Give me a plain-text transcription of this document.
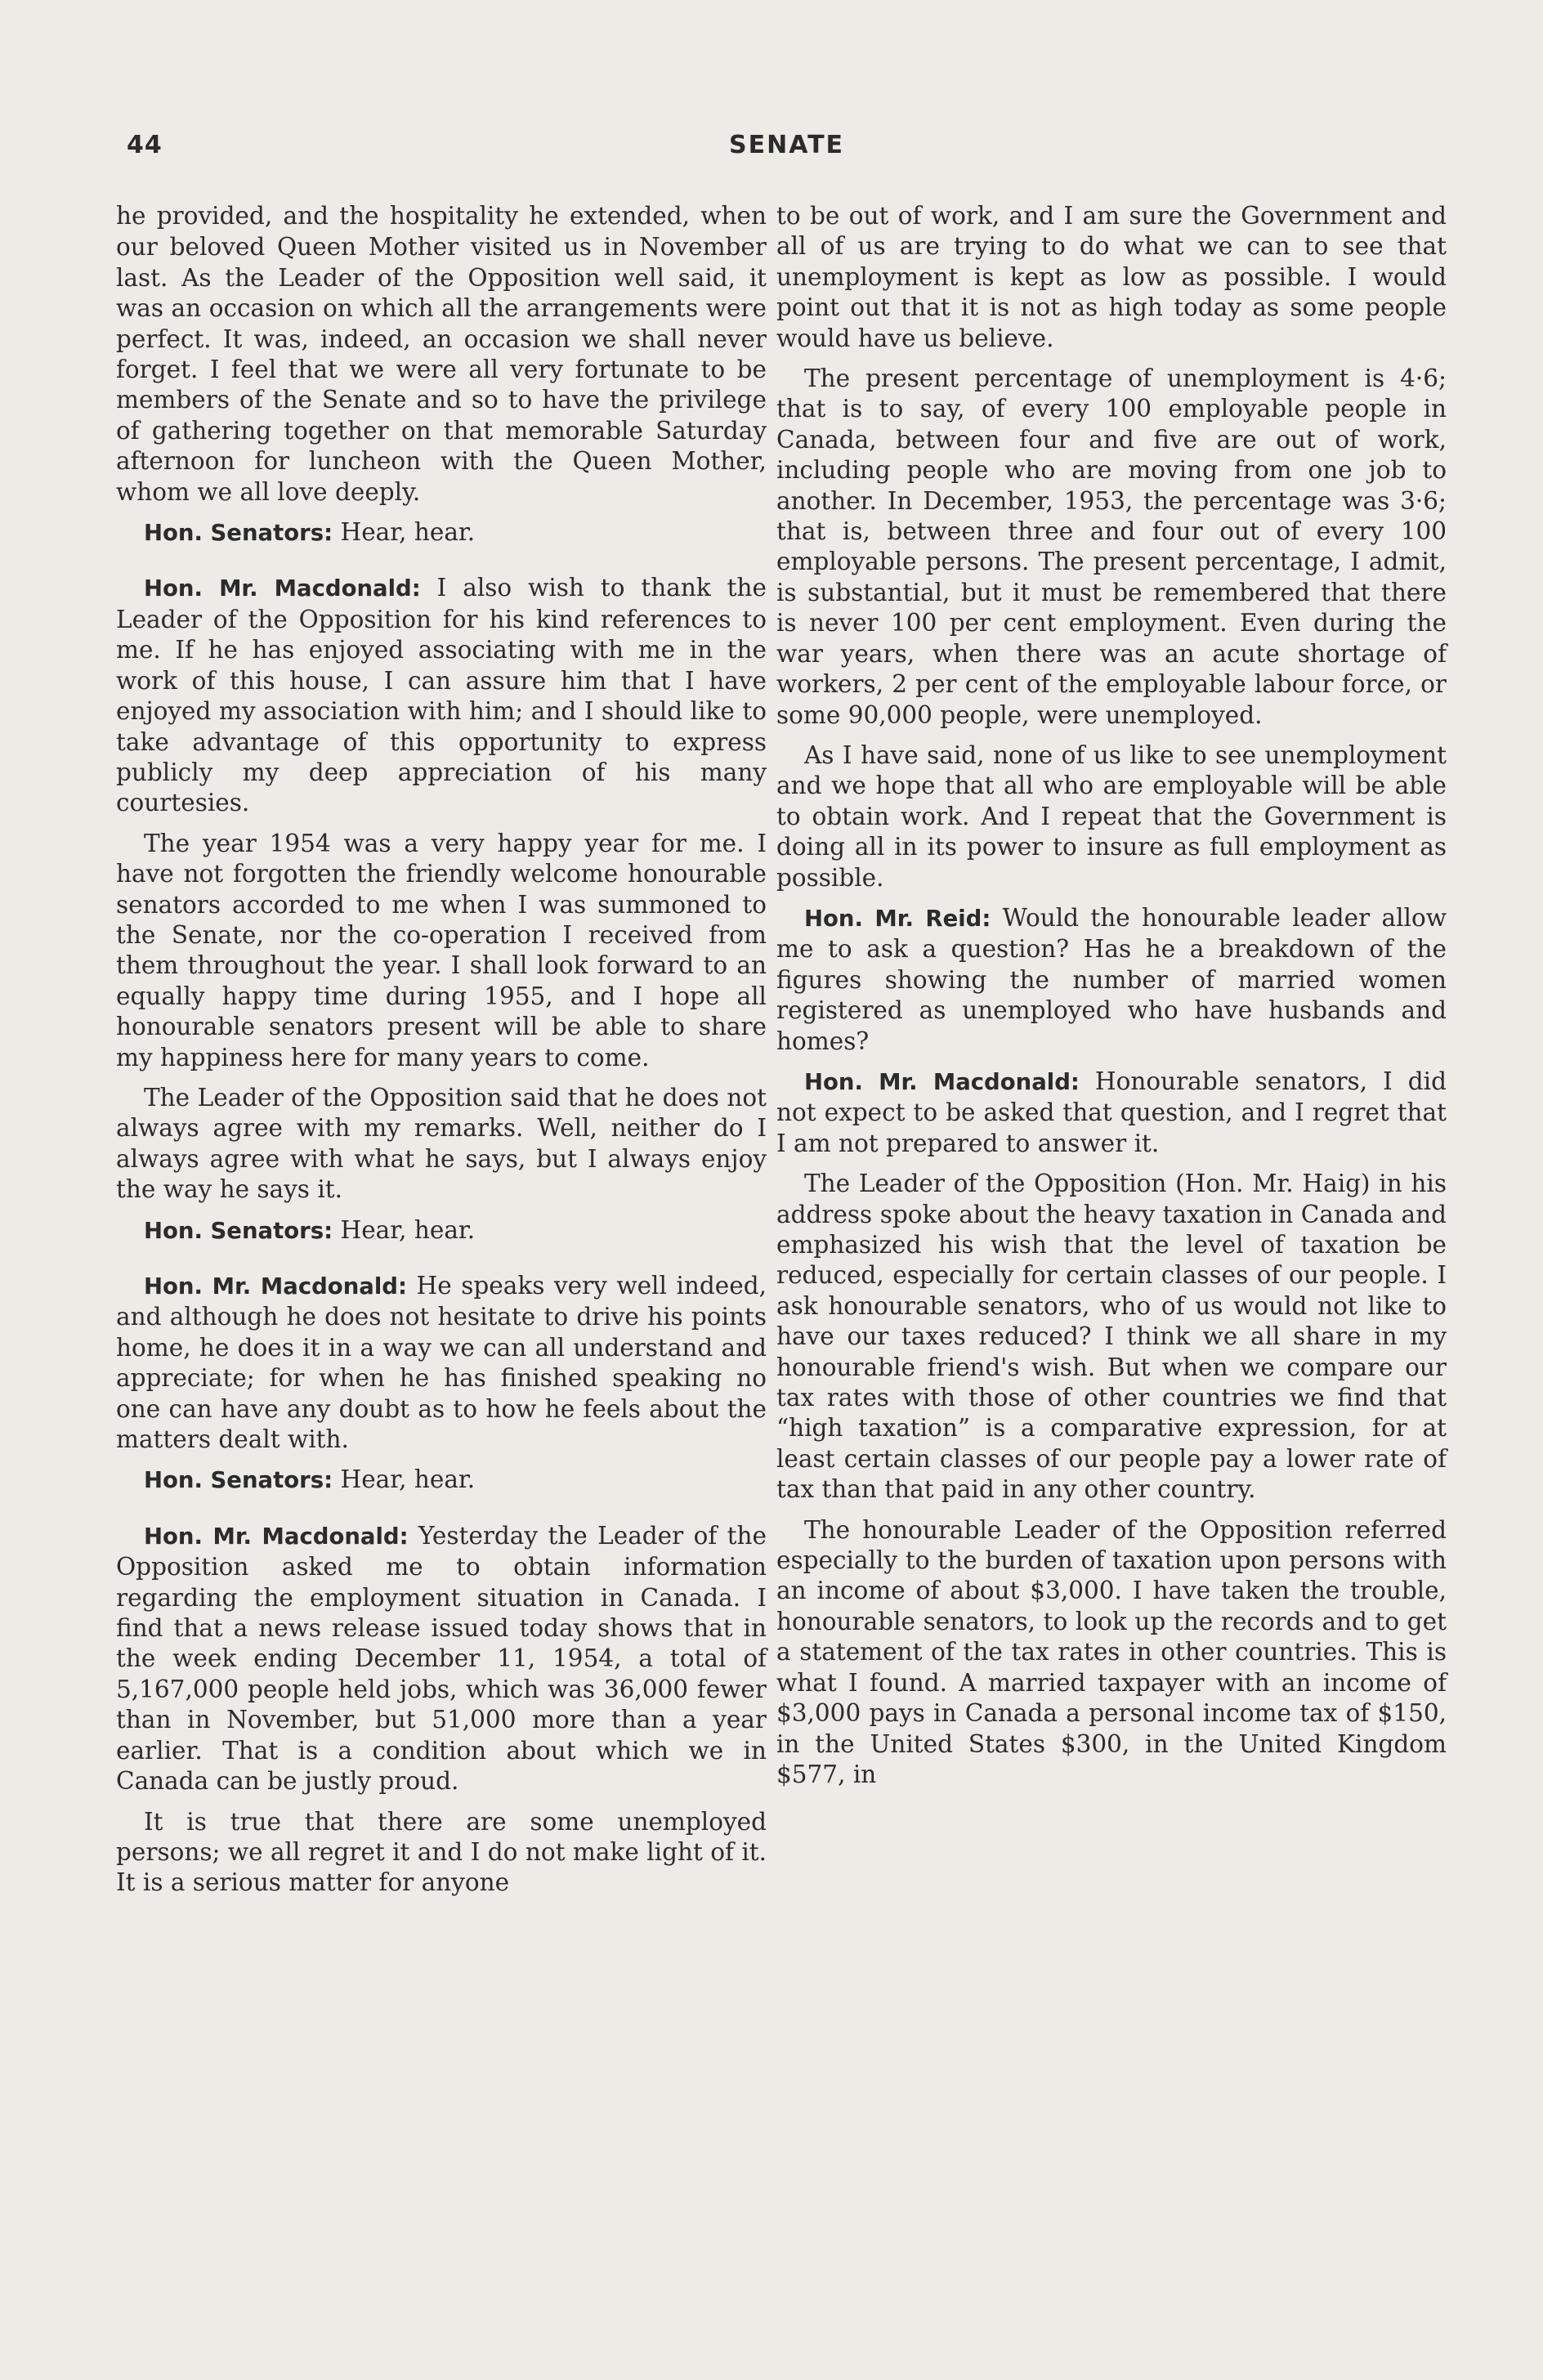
44	SENATE

he provided, and the hospitality he extended, when our beloved Queen Mother visited us in November last. As the Leader of the Opposition well said, it was an occasion on which all the arrangements were perfect. It was, indeed, an occasion we shall never forget. I feel that we were all very fortunate to be members of the Senate and so to have the privilege of gathering together on that memorable Saturday afternoon for luncheon with the Queen Mother, whom we all love deeply.

Hon. Senators: Hear, hear.

Hon. Mr. Macdonald: I also wish to thank the Leader of the Opposition for his kind references to me. If he has enjoyed associating with me in the work of this house, I can assure him that I have enjoyed my association with him; and I should like to take advantage of this opportunity to express publicly my deep appreciation of his many courtesies.

The year 1954 was a very happy year for me. I have not forgotten the friendly welcome honourable senators accorded to me when I was summoned to the Senate, nor the co-operation I received from them throughout the year. I shall look forward to an equally happy time during 1955, and I hope all honourable senators present will be able to share my happiness here for many years to come.

The Leader of the Opposition said that he does not always agree with my remarks. Well, neither do I always agree with what he says, but I always enjoy the way he says it.

Hon. Senators: Hear, hear.

Hon. Mr. Macdonald: He speaks very well indeed, and although he does not hesitate to drive his points home, he does it in a way we can all understand and appreciate; for when he has finished speaking no one can have any doubt as to how he feels about the matters dealt with.

Hon. Senators: Hear, hear.

Hon. Mr. Macdonald: Yesterday the Leader of the Opposition asked me to obtain information regarding the employment situation in Canada. I find that a news release issued today shows that in the week ending December 11, 1954, a total of 5,167,000 people held jobs, which was 36,000 fewer than in November, but 51,000 more than a year earlier. That is a condition about which we in Canada can be justly proud.

It is true that there are some unemployed persons; we all regret it and I do not make light of it. It is a serious matter for anyone

to be out of work, and I am sure the Government and all of us are trying to do what we can to see that unemployment is kept as low as possible. I would point out that it is not as high today as some people would have us believe.

The present percentage of unemployment is 4·6; that is to say, of every 100 employable people in Canada, between four and five are out of work, including people who are moving from one job to another. In December, 1953, the percentage was 3·6; that is, between three and four out of every 100 employable persons. The present percentage, I admit, is substantial, but it must be remembered that there is never 100 per cent employment. Even during the war years, when there was an acute shortage of workers, 2 per cent of the employable labour force, or some 90,000 people, were unemployed.

As I have said, none of us like to see unemployment and we hope that all who are employable will be able to obtain work. And I repeat that the Government is doing all in its power to insure as full employment as possible.

Hon. Mr. Reid: Would the honourable leader allow me to ask a question? Has he a breakdown of the figures showing the number of married women registered as unemployed who have husbands and homes?

Hon. Mr. Macdonald: Honourable senators, I did not expect to be asked that question, and I regret that I am not prepared to answer it.

The Leader of the Opposition (Hon. Mr. Haig) in his address spoke about the heavy taxation in Canada and emphasized his wish that the level of taxation be reduced, especially for certain classes of our people. I ask honourable senators, who of us would not like to have our taxes reduced? I think we all share in my honourable friend's wish. But when we compare our tax rates with those of other countries we find that “high taxation” is a comparative expression, for at least certain classes of our people pay a lower rate of tax than that paid in any other country.

The honourable Leader of the Opposition referred especially to the burden of taxation upon persons with an income of about $3,000. I have taken the trouble, honourable senators, to look up the records and to get a statement of the tax rates in other countries. This is what I found. A married taxpayer with an income of $3,000 pays in Canada a personal income tax of $150, in the United States $300, in the United Kingdom $577, in
